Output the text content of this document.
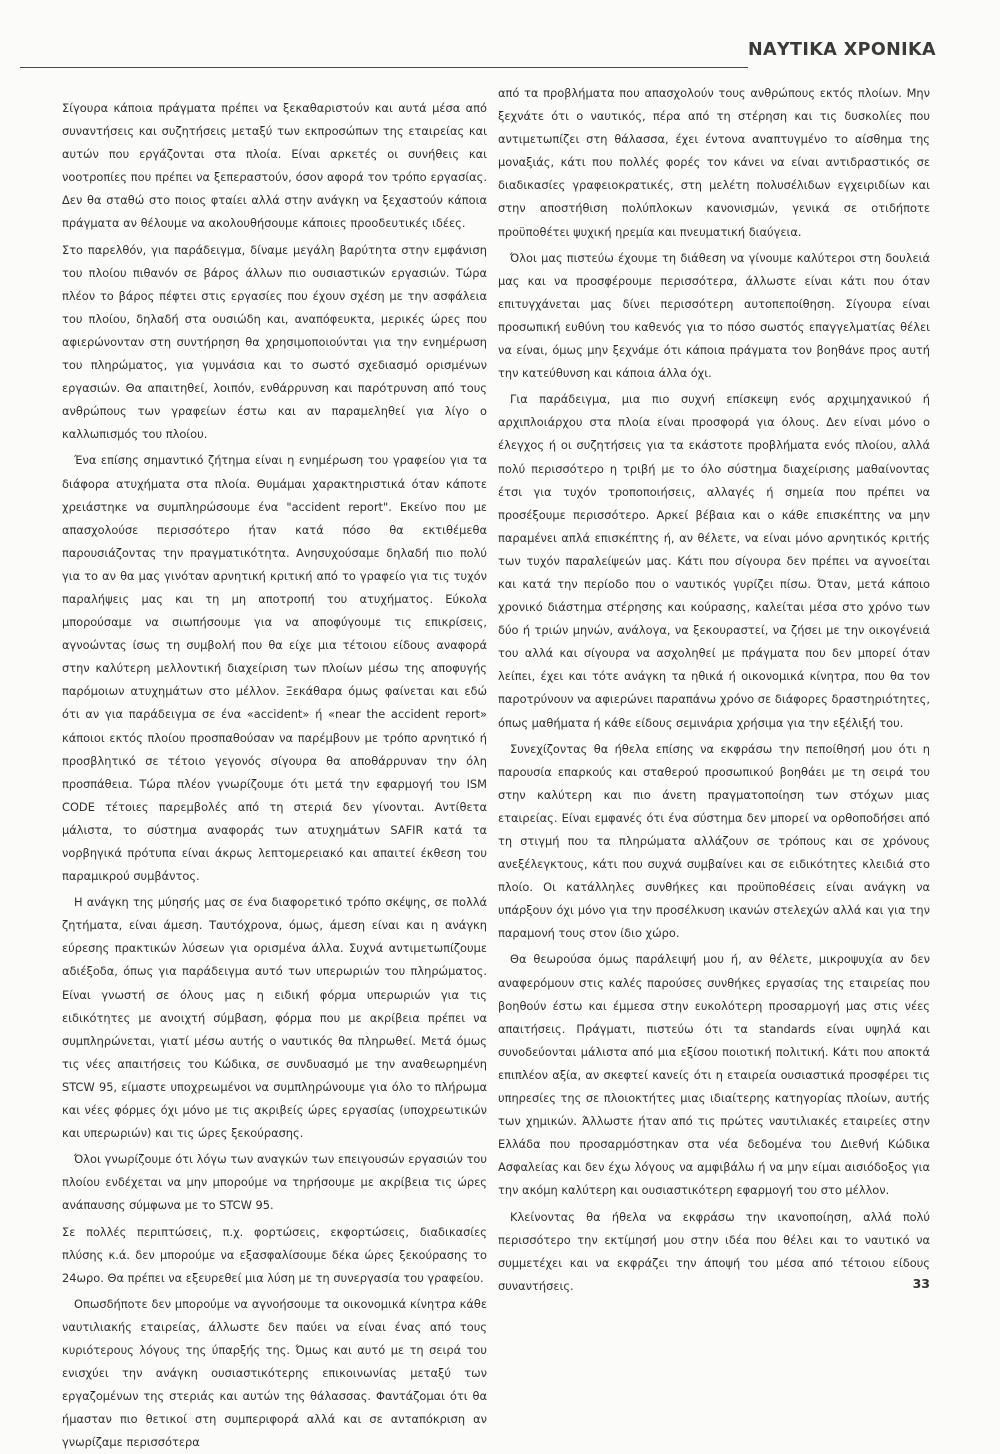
ΝΑΥΤΙΚΑ ΧΡΟΝΙΚΑ

Σίγουρα κάποια πράγματα πρέπει να ξεκαθαριστούν και αυτά μέσα από συναντήσεις και συζητήσεις μεταξύ των εκπροσώπων της εταιρείας και αυτών που εργάζονται στα πλοία. Είναι αρκετές οι συνήθεις και νοοτροπίες που πρέπει να ξεπεραστούν, όσον αφορά τον τρόπο εργασίας. Δεν θα σταθώ στο ποιος φταίει αλλά στην ανάγκη να ξεχαστούν κάποια πράγματα αν θέλουμε να ακολουθήσουμε κάποιες προοδευτικές ιδέες.

Στο παρελθόν, για παράδειγμα, δίναμε μεγάλη βαρύτητα στην εμφάνιση του πλοίου πιθανόν σε βάρος άλλων πιο ουσιαστικών εργασιών. Τώρα πλέον το βάρος πέφτει στις εργασίες που έχουν σχέση με την ασφάλεια του πλοίου, δηλαδή στα ουσιώδη και, αναπόφευκτα, μερικές ώρες που αφιερώνονταν στη συντήρηση θα χρησιμοποιούνται για την ενημέρωση του πληρώματος, για γυμνάσια και το σωστό σχεδιασμό ορισμένων εργασιών. Θα απαιτηθεί, λοιπόν, ενθάρρυνση και παρότρυνση από τους ανθρώπους των γραφείων έστω και αν παραμεληθεί για λίγο ο καλλωπισμός του πλοίου.

Ένα επίσης σημαντικό ζήτημα είναι η ενημέρωση του γραφείου για τα διάφορα ατυχήματα στα πλοία. Θυμάμαι χαρακτηριστικά όταν κάποτε χρειάστηκε να συμπληρώσουμε ένα "accident report". Εκείνο που με απασχολούσε περισσότερο ήταν κατά πόσο θα εκτιθέμεθα παρουσιάζοντας την πραγματικότητα. Ανησυχούσαμε δηλαδή πιο πολύ για το αν θα μας γινόταν αρνητική κριτική από το γραφείο για τις τυχόν παραλήψεις μας και τη μη αποτροπή του ατυχήματος. Εύκολα μπορούσαμε να σιωπήσουμε για να αποφύγουμε τις επικρίσεις, αγνοώντας ίσως τη συμβολή που θα είχε μια τέτοιου είδους αναφορά στην καλύτερη μελλοντική διαχείριση των πλοίων μέσω της αποφυγής παρόμοιων ατυχημάτων στο μέλλον. Ξεκάθαρα όμως φαίνεται και εδώ ότι αν για παράδειγμα σε ένα «accident» ή «near the accident report» κάποιοι εκτός πλοίου προσπαθούσαν να παρέμβουν με τρόπο αρνητικό ή προσβλητικό σε τέτοιο γεγονός σίγουρα θα αποθάρρυναν την όλη προσπάθεια. Τώρα πλέον γνωρίζουμε ότι μετά την εφαρμογή του ISM CODE τέτοιες παρεμβολές από τη στεριά δεν γίνονται. Αντίθετα μάλιστα, το σύστημα αναφοράς των ατυχημάτων SAFIR κατά τα νορβηγικά πρότυπα είναι άκρως λεπτομερειακό και απαιτεί έκθεση του παραμικρού συμβάντος.

Η ανάγκη της μύησής μας σε ένα διαφορετικό τρόπο σκέψης, σε πολλά ζητήματα, είναι άμεση. Ταυτόχρονα, όμως, άμεση είναι και η ανάγκη εύρεσης πρακτικών λύσεων για ορισμένα άλλα. Συχνά αντιμετωπίζουμε αδιέξοδα, όπως για παράδειγμα αυτό των υπερωριών του πληρώματος. Είναι γνωστή σε όλους μας η ειδική φόρμα υπερωριών για τις ειδικότητες με ανοιχτή σύμβαση, φόρμα που με ακρίβεια πρέπει να συμπληρώνεται, γιατί μέσω αυτής ο ναυτικός θα πληρωθεί. Μετά όμως τις νέες απαιτήσεις του Κώδικα, σε συνδυασμό με την αναθεωρημένη STCW 95, είμαστε υποχρεωμένοι να συμπληρώνουμε για όλο το πλήρωμα και νέες φόρμες όχι μόνο με τις ακριβείς ώρες εργασίας (υποχρεωτικών και υπερωριών) και τις ώρες ξεκούρασης.

Όλοι γνωρίζουμε ότι λόγω των αναγκών των επειγουσών εργασιών του πλοίου ενδέχεται να μην μπορούμε να τηρήσουμε με ακρίβεια τις ώρες ανάπαυσης σύμφωνα με το STCW 95.

Σε πολλές περιπτώσεις, π.χ. φορτώσεις, εκφορτώσεις, διαδικασίες πλύσης κ.ά. δεν μπορούμε να εξασφαλίσουμε δέκα ώρες ξεκούρασης το 24ωρο. Θα πρέπει να εξευρεθεί μια λύση με τη συνεργασία του γραφείου.

Οπωσδήποτε δεν μπορούμε να αγνοήσουμε τα οικονομικά κίνητρα κάθε ναυτιλιακής εταιρείας, άλλωστε δεν παύει να είναι ένας από τους κυριότερους λόγους της ύπαρξής της. Όμως και αυτό με τη σειρά του ενισχύει την ανάγκη ουσιαστικότερης επικοινωνίας μεταξύ των εργαζομένων της στεριάς και αυτών της θάλασσας. Φαντάζομαι ότι θα ήμασταν πιο θετικοί στη συμπεριφορά αλλά και σε ανταπόκριση αν γνωρίζαμε περισσότερα

από τα προβλήματα που απασχολούν τους ανθρώπους εκτός πλοίων. Μην ξεχνάτε ότι ο ναυτικός, πέρα από τη στέρηση και τις δυσκολίες που αντιμετωπίζει στη θάλασσα, έχει έντονα αναπτυγμένο το αίσθημα της μοναξιάς, κάτι που πολλές φορές τον κάνει να είναι αντιδραστικός σε διαδικασίες γραφειοκρατικές, στη μελέτη πολυσέλιδων εγχειριδίων και στην αποστήθιση πολύπλοκων κανονισμών, γενικά σε οτιδήποτε προϋποθέτει ψυχική ηρεμία και πνευματική διαύγεια.

Όλοι μας πιστεύω έχουμε τη διάθεση να γίνουμε καλύτεροι στη δουλειά μας και να προσφέρουμε περισσότερα, άλλωστε είναι κάτι που όταν επιτυγχάνεται μας δίνει περισσότερη αυτοπεποίθηση. Σίγουρα είναι προσωπική ευθύνη του καθενός για το πόσο σωστός επαγγελματίας θέλει να είναι, όμως μην ξεχνάμε ότι κάποια πράγματα τον βοηθάνε προς αυτή την κατεύθυνση και κάποια άλλα όχι.

Για παράδειγμα, μια πιο συχνή επίσκεψη ενός αρχιμηχανικού ή αρχιπλοιάρχου στα πλοία είναι προσφορά για όλους. Δεν είναι μόνο ο έλεγχος ή οι συζητήσεις για τα εκάστοτε προβλήματα ενός πλοίου, αλλά πολύ περισσότερο η τριβή με το όλο σύστημα διαχείρισης μαθαίνοντας έτσι για τυχόν τροποποιήσεις, αλλαγές ή σημεία που πρέπει να προσέξουμε περισσότερο. Αρκεί βέβαια και ο κάθε επισκέπτης να μην παραμένει απλά επισκέπτης ή, αν θέλετε, να είναι μόνο αρνητικός κριτής των τυχόν παραλείψεών μας. Κάτι που σίγουρα δεν πρέπει να αγνοείται και κατά την περίοδο που ο ναυτικός γυρίζει πίσω. Όταν, μετά κάποιο χρονικό διάστημα στέρησης και κούρασης, καλείται μέσα στο χρόνο των δύο ή τριών μηνών, ανάλογα, να ξεκουραστεί, να ζήσει με την οικογένειά του αλλά και σίγουρα να ασχοληθεί με πράγματα που δεν μπορεί όταν λείπει, έχει και τότε ανάγκη τα ηθικά ή οικονομικά κίνητρα, που θα τον παροτρύνουν να αφιερώνει παραπάνω χρόνο σε διάφορες δραστηριότητες, όπως μαθήματα ή κάθε είδους σεμινάρια χρήσιμα για την εξέλιξή του.

Συνεχίζοντας θα ήθελα επίσης να εκφράσω την πεποίθησή μου ότι η παρουσία επαρκούς και σταθερού προσωπικού βοηθάει με τη σειρά του στην καλύτερη και πιο άνετη πραγματοποίηση των στόχων μιας εταιρείας. Είναι εμφανές ότι ένα σύστημα δεν μπορεί να ορθοποδήσει από τη στιγμή που τα πληρώματα αλλάζουν σε τρόπους και σε χρόνους ανεξέλεγκτους, κάτι που συχνά συμβαίνει και σε ειδικότητες κλειδιά στο πλοίο. Οι κατάλληλες συνθήκες και προϋποθέσεις είναι ανάγκη να υπάρξουν όχι μόνο για την προσέλκυση ικανών στελεχών αλλά και για την παραμονή τους στον ίδιο χώρο.

Θα θεωρούσα όμως παράλειψή μου ή, αν θέλετε, μικροψυχία αν δεν αναφερόμουν στις καλές παρούσες συνθήκες εργασίας της εταιρείας που βοηθούν έστω και έμμεσα στην ευκολότερη προσαρμογή μας στις νέες απαιτήσεις. Πράγματι, πιστεύω ότι τα standards είναι υψηλά και συνοδεύονται μάλιστα από μια εξίσου ποιοτική πολιτική. Κάτι που αποκτά επιπλέον αξία, αν σκεφτεί κανείς ότι η εταιρεία ουσιαστικά προσφέρει τις υπηρεσίες της σε πλοιοκτήτες μιας ιδιαίτερης κατηγορίας πλοίων, αυτής των χημικών. Άλλωστε ήταν από τις πρώτες ναυτιλιακές εταιρείες στην Ελλάδα που προσαρμόστηκαν στα νέα δεδομένα του Διεθνή Κώδικα Ασφαλείας και δεν έχω λόγους να αμφιβάλω ή να μην είμαι αισιόδοξος για την ακόμη καλύτερη και ουσιαστικότερη εφαρμογή του στο μέλλον.

Κλείνοντας θα ήθελα να εκφράσω την ικανοποίηση, αλλά πολύ περισσότερο την εκτίμησή μου στην ιδέα που θέλει και το ναυτικό να συμμετέχει και να εκφράζει την άποψή του μέσα από τέτοιου είδους συναντήσεις.	33
